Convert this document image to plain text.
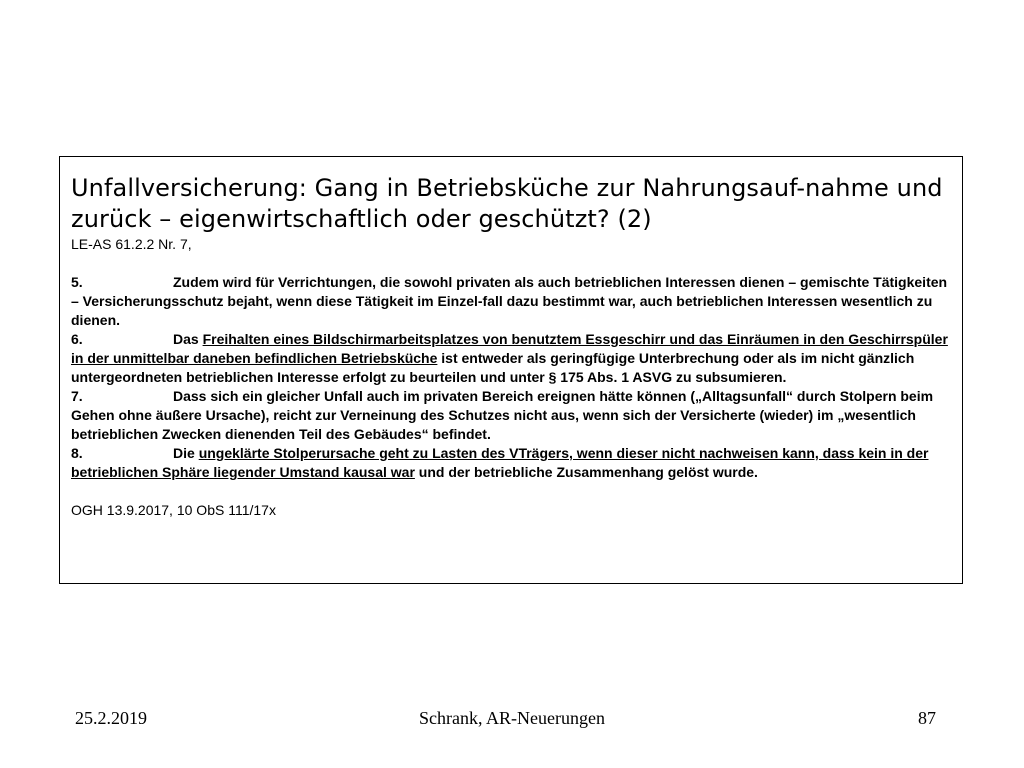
Unfallversicherung: Gang in Betriebsküche zur Nahrungsauf-nahme und zurück – eigenwirtschaftlich oder geschützt? (2)

LE-AS 61.2.2 Nr. 7,

5.	Zudem wird für Verrichtungen, die sowohl privaten als auch betrieblichen Interessen dienen – gemischte Tätigkeiten – Versicherungsschutz bejaht, wenn diese Tätigkeit im Einzel-fall dazu bestimmt war, auch betrieblichen Interessen wesentlich zu dienen.

6.	Das Freihalten eines Bildschirmarbeitsplatzes von benutztem Essgeschirr und das Einräumen in den Geschirrspüler in der unmittelbar daneben befindlichen Betriebsküche ist entweder als geringfügige Unterbrechung oder als im nicht gänzlich untergeordneten betrieblichen Interesse erfolgt zu beurteilen und unter § 175 Abs. 1 ASVG zu subsumieren.

7.	Dass sich ein gleicher Unfall auch im privaten Bereich ereignen hätte können („Alltagsunfall“ durch Stolpern beim Gehen ohne äußere Ursache), reicht zur Verneinung des Schutzes nicht aus, wenn sich der Versicherte (wieder) im „wesentlich betrieblichen Zwecken dienenden Teil des Gebäudes“ befindet.

8.	Die ungeklärte Stolperursache geht zu Lasten des VTrägers, wenn dieser nicht nachweisen kann, dass kein in der betrieblichen Sphäre liegender Umstand kausal war und der betriebliche Zusammenhang gelöst wurde.

OGH 13.9.2017, 10 ObS 111/17x

25.2.2019	Schrank, AR-Neuerungen	87
